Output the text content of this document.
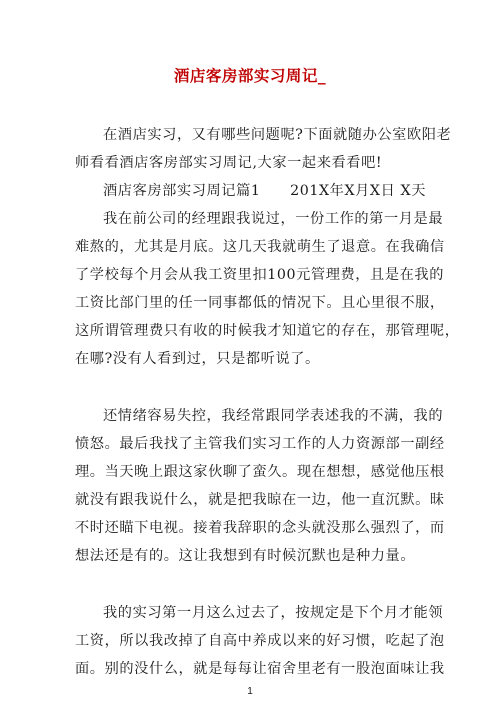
酒店客房部实习周记_
在酒店实习，又有哪些问题呢?下面就随办公室欧阳老
师看看酒店客房部实习周记,大家一起来看看吧!
酒店客房部实习周记篇1　　201X年X月X日 X天
我在前公司的经理跟我说过，一份工作的第一月是最
难熬的，尤其是月底。这几天我就萌生了退意。在我确信
了学校每个月会从我工资里扣100元管理费，且是在我的
工资比部门里的任一同事都低的情况下。且心里很不服，
这所谓管理费只有收的时候我才知道它的存在，那管理呢，
在哪?没有人看到过，只是都听说了。
还情绪容易失控，我经常跟同学表述我的不满，我的
愤怒。最后我找了主管我们实习工作的人力资源部一副经
理。当天晚上跟这家伙聊了蛮久。现在想想，感觉他压根
就没有跟我说什么，就是把我晾在一边，他一直沉默。昧
不时还瞄下电视。接着我辞职的念头就没那么强烈了，而
想法还是有的。这让我想到有时候沉默也是种力量。
我的实习第一月这么过去了，按规定是下个月才能领
工资，所以我改掉了自高中养成以来的好习惯，吃起了泡
面。别的没什么，就是每每让宿舍里老有一股泡面味让我
1
